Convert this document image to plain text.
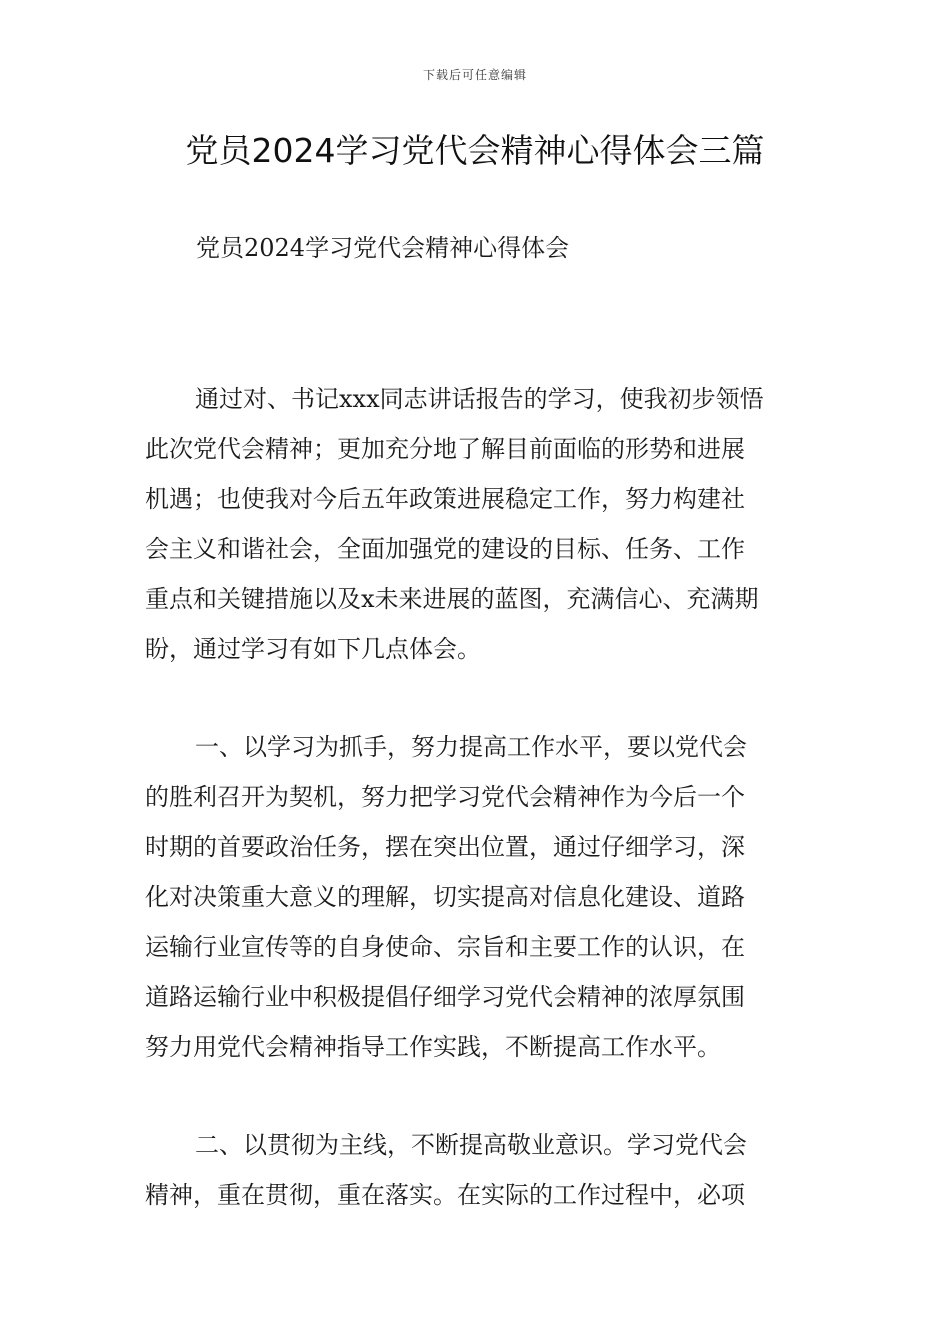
下载后可任意编辑
党员2024学习党代会精神心得体会三篇
党员2024学习党代会精神心得体会
通过对、书记xxx同志讲话报告的学习，使我初步领悟
此次党代会精神；更加充分地了解目前面临的形势和进展
机遇；也使我对今后五年政策进展稳定工作，努力构建社
会主义和谐社会，全面加强党的建设的目标、任务、工作
重点和关键措施以及x未来进展的蓝图，充满信心、充满期
盼，通过学习有如下几点体会。
一、以学习为抓手，努力提高工作水平，要以党代会
的胜利召开为契机，努力把学习党代会精神作为今后一个
时期的首要政治任务，摆在突出位置，通过仔细学习，深
化对决策重大意义的理解，切实提高对信息化建设、道路
运输行业宣传等的自身使命、宗旨和主要工作的认识，在
道路运输行业中积极提倡仔细学习党代会精神的浓厚氛围
努力用党代会精神指导工作实践，不断提高工作水平。
二、以贯彻为主线，不断提高敬业意识。学习党代会
精神，重在贯彻，重在落实。在实际的工作过程中，必项
